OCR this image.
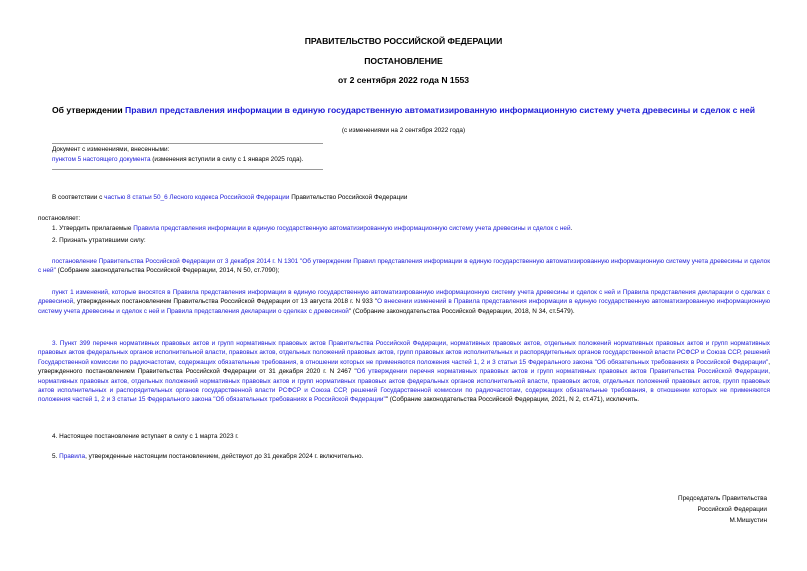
ПРАВИТЕЛЬСТВО РОССИЙСКОЙ ФЕДЕРАЦИИ
ПОСТАНОВЛЕНИЕ
от 2 сентября 2022 года N 1553
Об утверждении Правил представления информации в единую государственную автоматизированную информационную систему учета древесины и сделок с ней
(с изменениями на 2 сентября 2022 года)
Документ с изменениями, внесенными:
пунктом 5 настоящего документа (изменения вступили в силу с 1 января 2025 года).
В соответствии с частью 8 статьи 50_6 Лесного кодекса Российской Федерации Правительство Российской Федерации
постановляет:
1. Утвердить прилагаемые Правила представления информации в единую государственную автоматизированную информационную систему учета древесины и сделок с ней.
2. Признать утратившими силу:
постановление Правительства Российской Федерации от 3 декабря 2014 г. N 1301 "Об утверждении Правил представления информации в единую государственную автоматизированную информационную систему учета древесины и сделок с ней" (Собрание законодательства Российской Федерации, 2014, N 50, ст.7090);
пункт 1 изменений, которые вносятся в Правила представления информации в единую государственную автоматизированную информационную систему учета древесины и сделок с ней и Правила представления декларации о сделках с древесиной, утвержденных постановлением Правительства Российской Федерации от 13 августа 2018 г. N 933 "О внесении изменений в Правила представления информации в единую государственную автоматизированную информационную систему учета древесины и сделок с ней и Правила представления декларации о сделках с древесиной" (Собрание законодательства Российской Федерации, 2018, N 34, ст.5479).
3. Пункт 399 перечня нормативных правовых актов и групп нормативных правовых актов Правительства Российской Федерации, нормативных правовых актов, отдельных положений нормативных правовых актов и групп нормативных правовых актов федеральных органов исполнительной власти, правовых актов, отдельных положений правовых актов, групп правовых актов исполнительных и распорядительных органов государственной власти РСФСР и Союза ССР, решений Государственной комиссии по радиочастотам, содержащих обязательные требования, в отношении которых не применяются положения частей 1, 2 и 3 статьи 15 Федерального закона "Об обязательных требованиях в Российской Федерации", утвержденного постановлением Правительства Российской Федерации от 31 декабря 2020 г. N 2467 "Об утверждении перечня нормативных правовых актов и групп нормативных правовых актов Правительства Российской Федерации, нормативных правовых актов, отдельных положений нормативных правовых актов и групп нормативных правовых актов федеральных органов исполнительной власти, правовых актов, отдельных положений правовых актов, групп правовых актов исполнительных и распорядительных органов государственной власти РСФСР и Союза ССР, решений Государственной комиссии по радиочастотам, содержащих обязательные требования, в отношении которых не применяются положения частей 1, 2 и 3 статьи 15 Федерального закона "Об обязательных требованиях в Российской Федерации"" (Собрание законодательства Российской Федерации, 2021, N 2, ст.471), исключить.
4. Настоящее постановление вступает в силу с 1 марта 2023 г.
5. Правила, утвержденные настоящим постановлением, действуют до 31 декабря 2024 г. включительно.
Председатель Правительства
Российской Федерации
М.Мишустин
